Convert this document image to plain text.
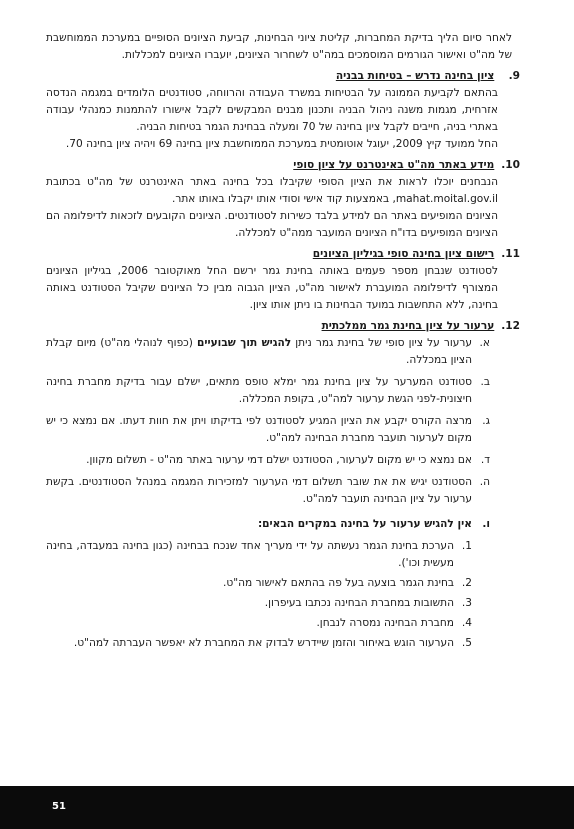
לאחר סיום הליך בדיקת המחברות, קליטת ציוני הבחינות, קביעת הציונים הסופיים במערכת הממוחשבת של מה"ט ואישור הגורמים המוסמכים במה"ט לשחרור הציונים, יועברו הציונים למכללות.

9. ציון בחינה נדרש – בטיחות בבניה

בהתאם לקביעת הממונה על הבטיחות במשרד העבודה והרווחה, סטודנטים הלומדים במגמה הנדסה אזרחית, מגמות משנה ניהול הבניה ותכנון מבנים המבקשים לקבל אישורו להתמנות כמנהלי עבודה באתרי בניה, חייבים לקבל ציון בחינה של 70 ומעלה בבחינת הגמר בטיחות הבניה.

החל ממועד קיץ 2009, יעוגל אוטומטית במערכת הממוחשבת ציון בחינה 69 ויהיה ציון בחינה 70.

10. מידע באתר מה"ט באינטרנט על ציון סופי

הנבחנים יוכלו לראות את הציון הסופי שקיבלו בכל בחינה באתר האינטרנט של מה"ט בכתובת mahat.moital.gov.il, באמצעות קוד אישי וסודי אותו יקבלו באותו אתר.

הציונים המופיעים באתר הם למידע בלבד כשירות לסטודנטים. הציונים הקובעים לזכאות לדיפלומה הם הציונים המופיעים בדו"ח הציונים המועבר ממה"ט למכללה.

11. רישום ציון בחינה סופי בגיליון הציונים

לסטודנט שנבחן מספר פעמים באותה בחינת גמר ירשם החל מאוקטובר 2006, בגיליון הציונים המצורף לדיפלומה המועברת לאישור מה"ט, הציון הגבוה מבין כל הציונים שקיבל הסטודנט באותה בחינה, ללא התחשבות במועד הבחינות בו ניתן אותו ציון.

12. ערעור על ציון בחינת גמר ממלכתית
א.
ערעור על ציון סופי של בחינת גמר ניתן להגיש תוך שבועיים (כפוף לנוהלי מה"ט) מיום קבלת הציון במכללה.
ב.
סטודנט המערער על ציון בחינת גמר ימלא טופס מתאים, ישלם עבור בדיקת מחברת בחינה חיצונית-לפני הגשת ערעור למה"ט, בקופת המכללה.
ג.
מרצה הקורס יקבע את הציון המגיע לסטודנט לפי בדיקתו ויתן את חוות דעתו. אם נמצא כי יש מקום לערעור תועבר מחברת הבחינה למה"ט.
ד.
אם נמצא כי יש מקום לערעור, הסטודנט ישלם דמי ערעור באתר מה"ט - תשלום מקוון.
ה.
הסטודנט יגיש את את שובר תשלום דמי הערעור למזכירות המגמה במנהל הסטודנטים. בקשת ערעור על ציון הבחינה תועבר למה"ט.
ו.
אין להגיש ערעור על בחינה במקרים הבאים:
1.
הערכת בחינת הגמר נעשתה על ידי מעריך אחד שנכח בבחינה (כגון בחינה במעבדה, בחינה מעשית וכו').
2.
בחינת הגמר בוצעה בעל פה בהתאם לאישור מה"ט.
3.
התשובות במחברת הבחינה נכתבו בעיפרון.
4.
מחברת הבחינה נמסרה לנבחן.
5.
הערעור הוגש באיחור והזמן שיידרש לבדוק את המחברת לא יאפשר העברתה למה"ט.
51
